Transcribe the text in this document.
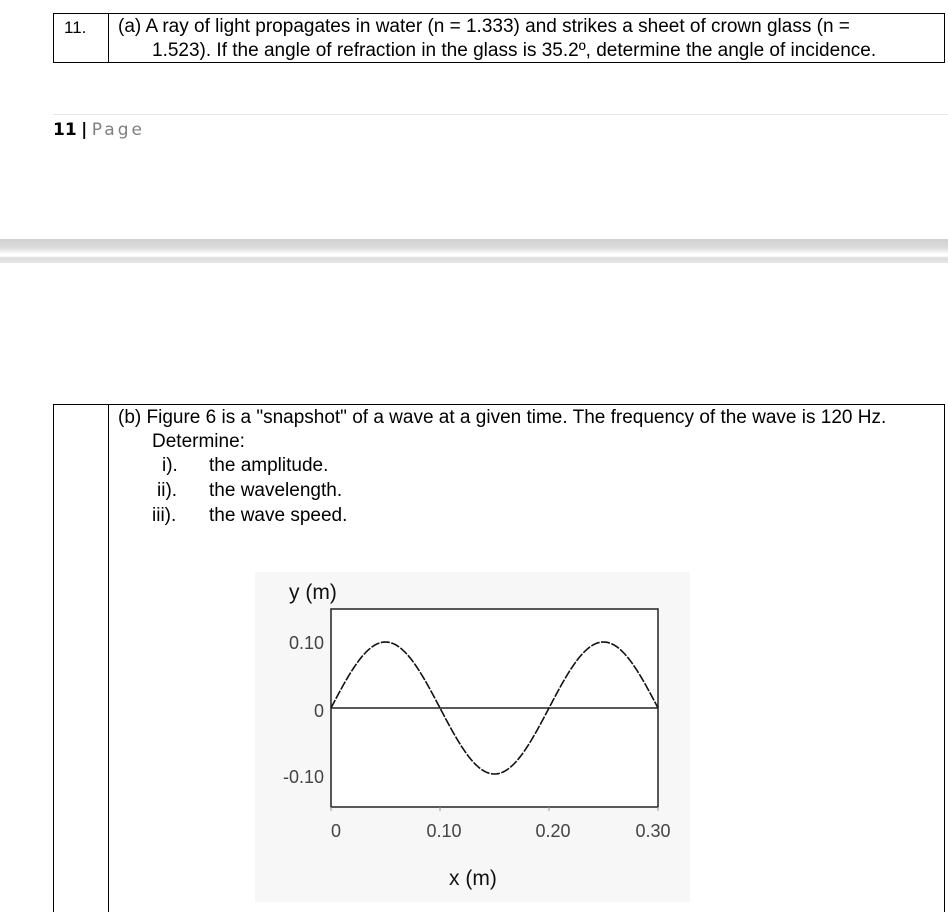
11. (a) A ray of light propagates in water (n = 1.333) and strikes a sheet of crown glass (n =
1.523). If the angle of refraction in the glass is 35.2º, determine the angle of incidence.
11 | Page
(b) Figure 6 is a "snapshot" of a wave at a given time. The frequency of the wave is 120 Hz.
Determine:
i). the amplitude.
ii). the wavelength.
iii). the wave speed.
y (m)
x (m)
0.10
0
-0.10
0	0.10	0.20	0.30
